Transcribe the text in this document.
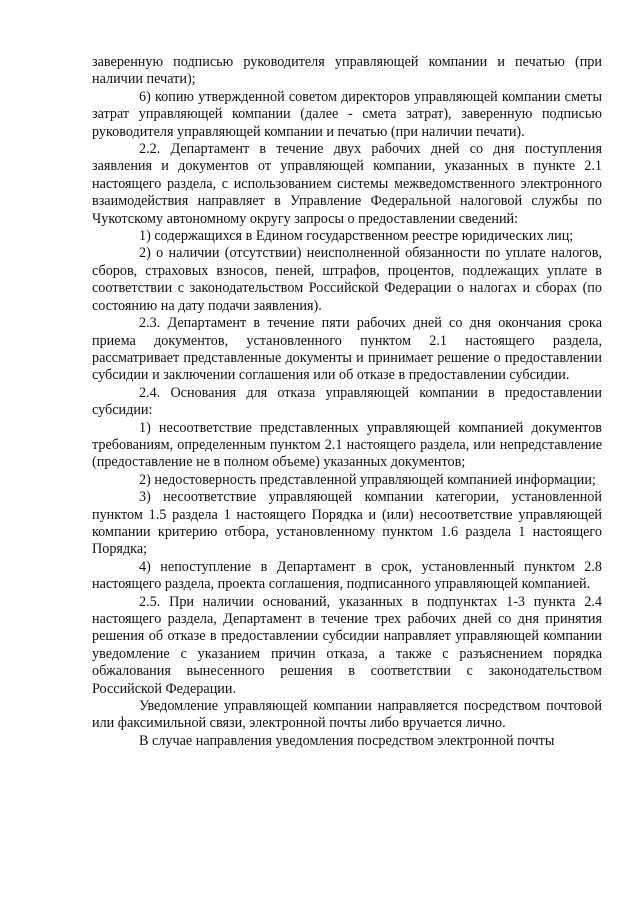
заверенную подписью руководителя управляющей компании и печатью (при наличии печати);

6) копию утвержденной советом директоров управляющей компании сметы затрат управляющей компании (далее - смета затрат), заверенную подписью руководителя управляющей компании и печатью (при наличии печати).

2.2. Департамент в течение двух рабочих дней со дня поступления заявления и документов от управляющей компании, указанных в пункте 2.1 настоящего раздела, с использованием системы межведомственного электронного взаимодействия направляет в Управление Федеральной налоговой службы по Чукотскому автономному округу запросы о предоставлении сведений:

1) содержащихся в Едином государственном реестре юридических лиц;

2) о наличии (отсутствии) неисполненной обязанности по уплате налогов, сборов, страховых взносов, пеней, штрафов, процентов, подлежащих уплате в соответствии с законодательством Российской Федерации о налогах и сборах (по состоянию на дату подачи заявления).

2.3. Департамент в течение пяти рабочих дней со дня окончания срока приема документов, установленного пунктом 2.1 настоящего раздела, рассматривает представленные документы и принимает решение о предоставлении субсидии и заключении соглашения или об отказе в предоставлении субсидии.

2.4. Основания для отказа управляющей компании в предоставлении субсидии:

1) несоответствие представленных управляющей компанией документов требованиям, определенным пунктом 2.1 настоящего раздела, или непредставление (предоставление не в полном объеме) указанных документов;

2) недостоверность представленной управляющей компанией информации;

3) несоответствие управляющей компании категории, установленной пунктом 1.5 раздела 1 настоящего Порядка и (или) несоответствие управляющей компании критерию отбора, установленному пунктом 1.6 раздела 1 настоящего Порядка;

4) непоступление в Департамент в срок, установленный пунктом 2.8 настоящего раздела, проекта соглашения, подписанного управляющей компанией.

2.5. При наличии оснований, указанных в подпунктах 1-3 пункта 2.4 настоящего раздела, Департамент в течение трех рабочих дней со дня принятия решения об отказе в предоставлении субсидии направляет управляющей компании уведомление с указанием причин отказа, а также с разъяснением порядка обжалования вынесенного решения в соответствии с законодательством Российской Федерации.

Уведомление управляющей компании направляется посредством почтовой или факсимильной связи, электронной почты либо вручается лично.

В случае направления уведомления посредством электронной почты
